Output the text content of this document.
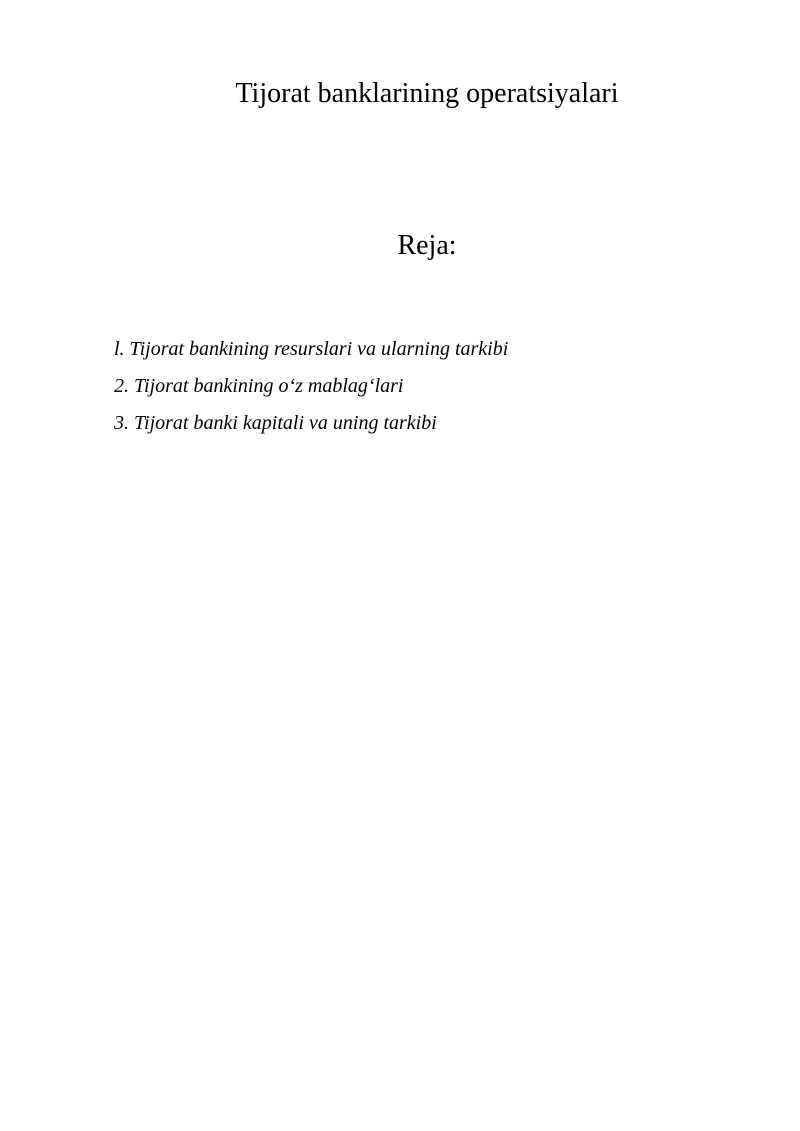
Tijorat banklarining operatsiyalari
Reja:
l. Tijorat bankining resurslari va ularning tarkibi
2. Tijorat bankining o‘z mablag‘lari
3. Tijorat banki kapitali va uning tarkibi
